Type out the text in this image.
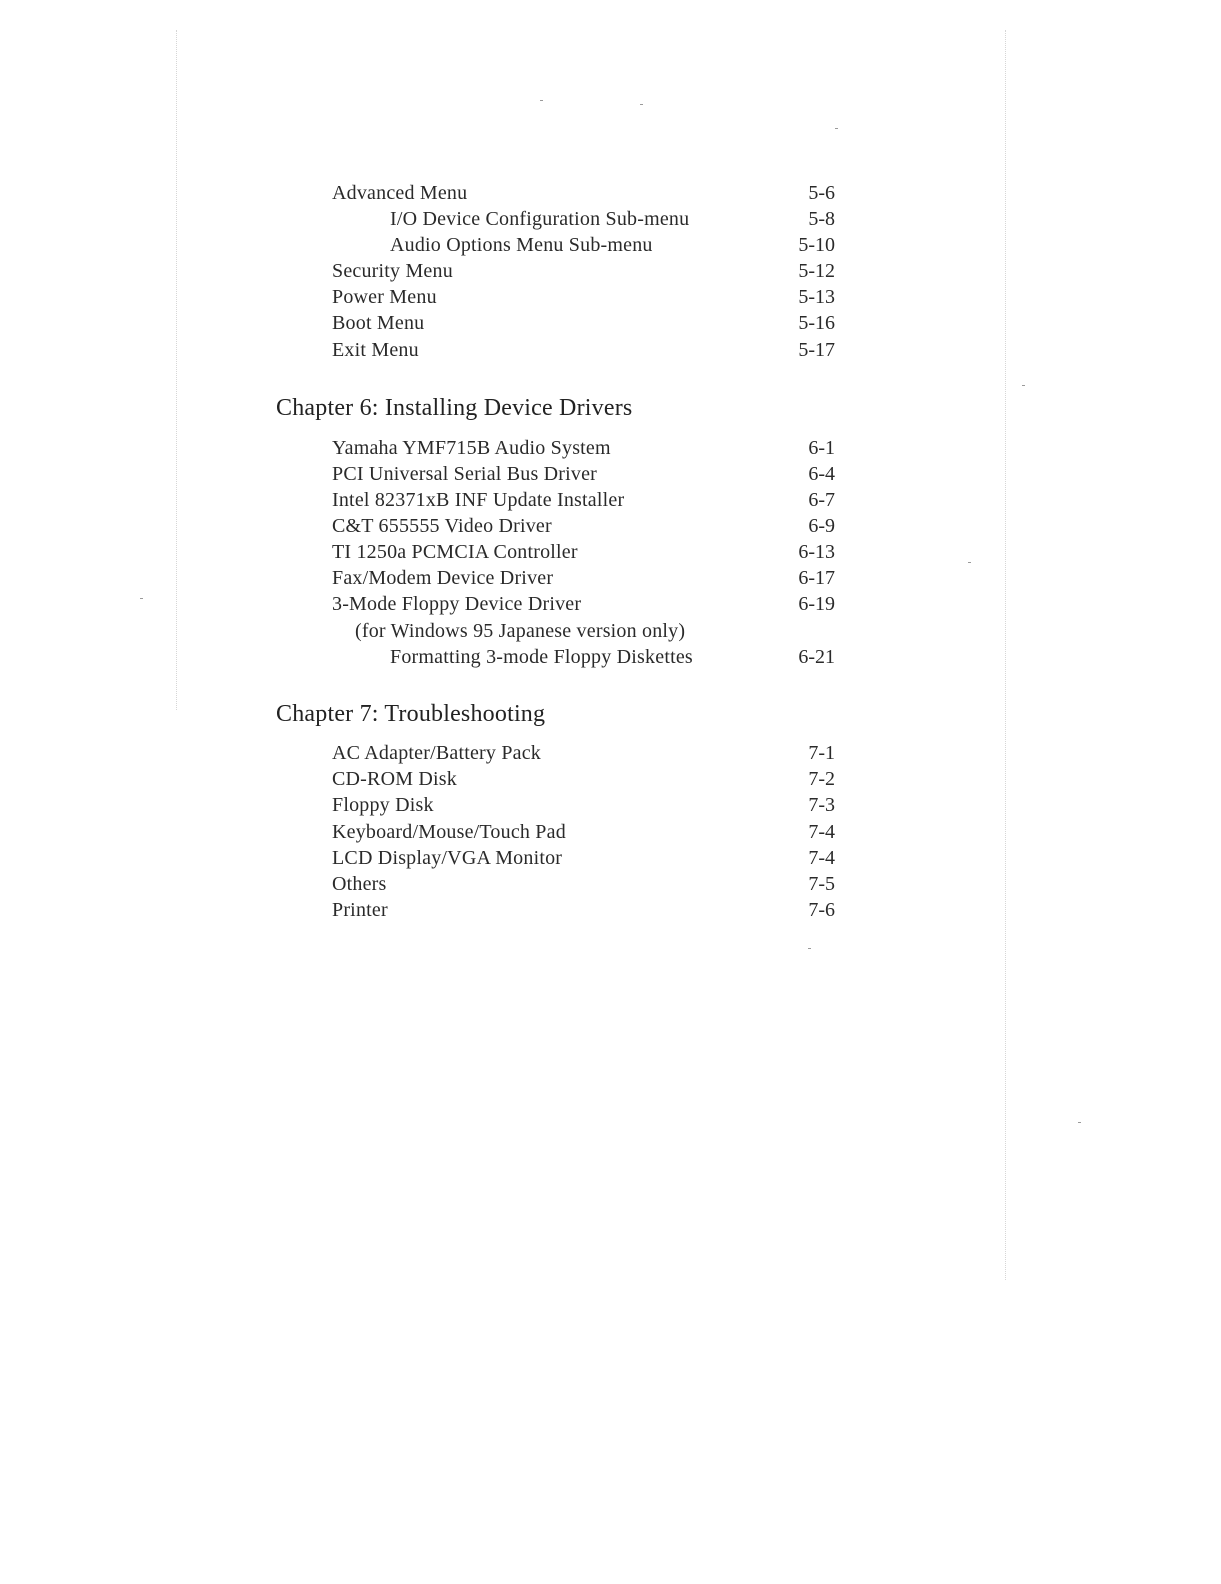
Advanced Menu	5-6
I/O Device Configuration Sub-menu	5-8
Audio Options Menu Sub-menu	5-10
Security Menu	5-12
Power Menu	5-13
Boot Menu	5-16
Exit Menu	5-17
Chapter 6: Installing Device Drivers
Yamaha YMF715B Audio System	6-1
PCI Universal Serial Bus Driver	6-4
Intel 82371xB INF Update Installer	6-7
C&T 655555 Video Driver	6-9
TI 1250a PCMCIA Controller	6-13
Fax/Modem Device Driver	6-17
3-Mode Floppy Device Driver	6-19
(for Windows 95 Japanese version only)
Formatting 3-mode Floppy Diskettes	6-21
Chapter 7: Troubleshooting
AC Adapter/Battery Pack	7-1
CD-ROM Disk	7-2
Floppy Disk	7-3
Keyboard/Mouse/Touch Pad	7-4
LCD Display/VGA Monitor	7-4
Others	7-5
Printer	7-6
